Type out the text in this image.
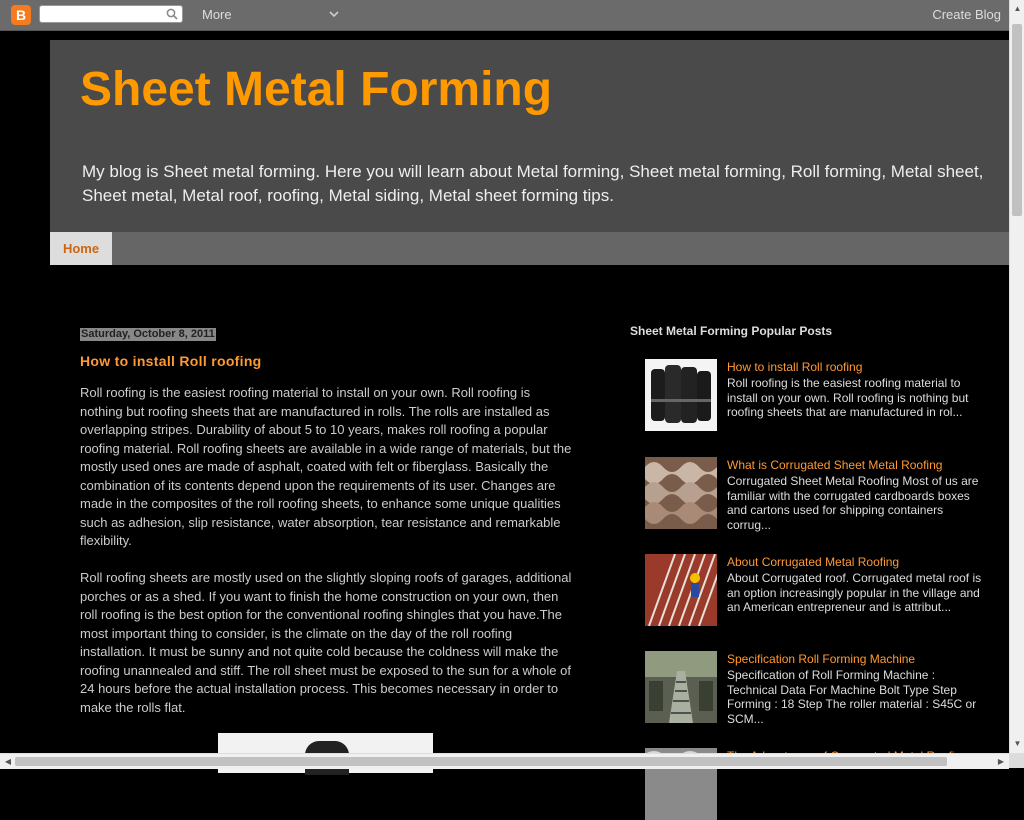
B	More	Create Blog
Sheet Metal Forming

My blog is Sheet metal forming. Here you will learn about Metal forming, Sheet metal forming, Roll forming, Metal sheet, Sheet metal, Metal roof, roofing, Metal siding, Metal sheet forming tips.

Home
Saturday, October 8, 2011
How to install Roll roofing

Roll roofing is the easiest roofing material to install on your own. Roll roofing is nothing but roofing sheets that are manufactured in rolls. The rolls are installed as overlapping stripes. Durability of about 5 to 10 years, makes roll roofing a popular roofing material. Roll roofing sheets are available in a wide range of materials, but the mostly used ones are made of asphalt, coated with felt or fiberglass. Basically the combination of its contents depend upon the requirements of its user. Changes are made in the composites of the roll roofing sheets, to enhance some unique qualities such as adhesion, slip resistance, water absorption, tear resistance and remarkable flexibility.

Roll roofing sheets are mostly used on the slightly sloping roofs of garages, additional porches or as a shed. If you want to finish the home construction on your own, then roll roofing is the best option for the conventional roofing shingles that you have.The most important thing to consider, is the climate on the day of the roll roofing installation. It must be sunny and not quite cold because the coldness will make the roofing unannealed and stiff. The roll sheet must be exposed to the sun for a whole of 24 hours before the actual installation process. This becomes necessary in order to make the rolls flat.

Sheet Metal Forming Popular Posts
How to install Roll roofing
Roll roofing is the easiest roofing material to install on your own. Roll roofing is nothing but roofing sheets that are manufactured in rol...
What is Corrugated Sheet Metal Roofing
Corrugated Sheet Metal Roofing Most of us are familiar with the corrugated cardboards boxes and cartons used for shipping containers corrug...
About Corrugated Metal Roofing
About Corrugated roof. Corrugated metal roof is an option increasingly popular in the village and an American entrepreneur and is attribut...
Specification Roll Forming Machine
Specification of Roll Forming Machine : Technical Data For Machine Bolt Type Step Forming : 18 Step The roller material : S45C or SCM...
▲
▼
◀	▶
